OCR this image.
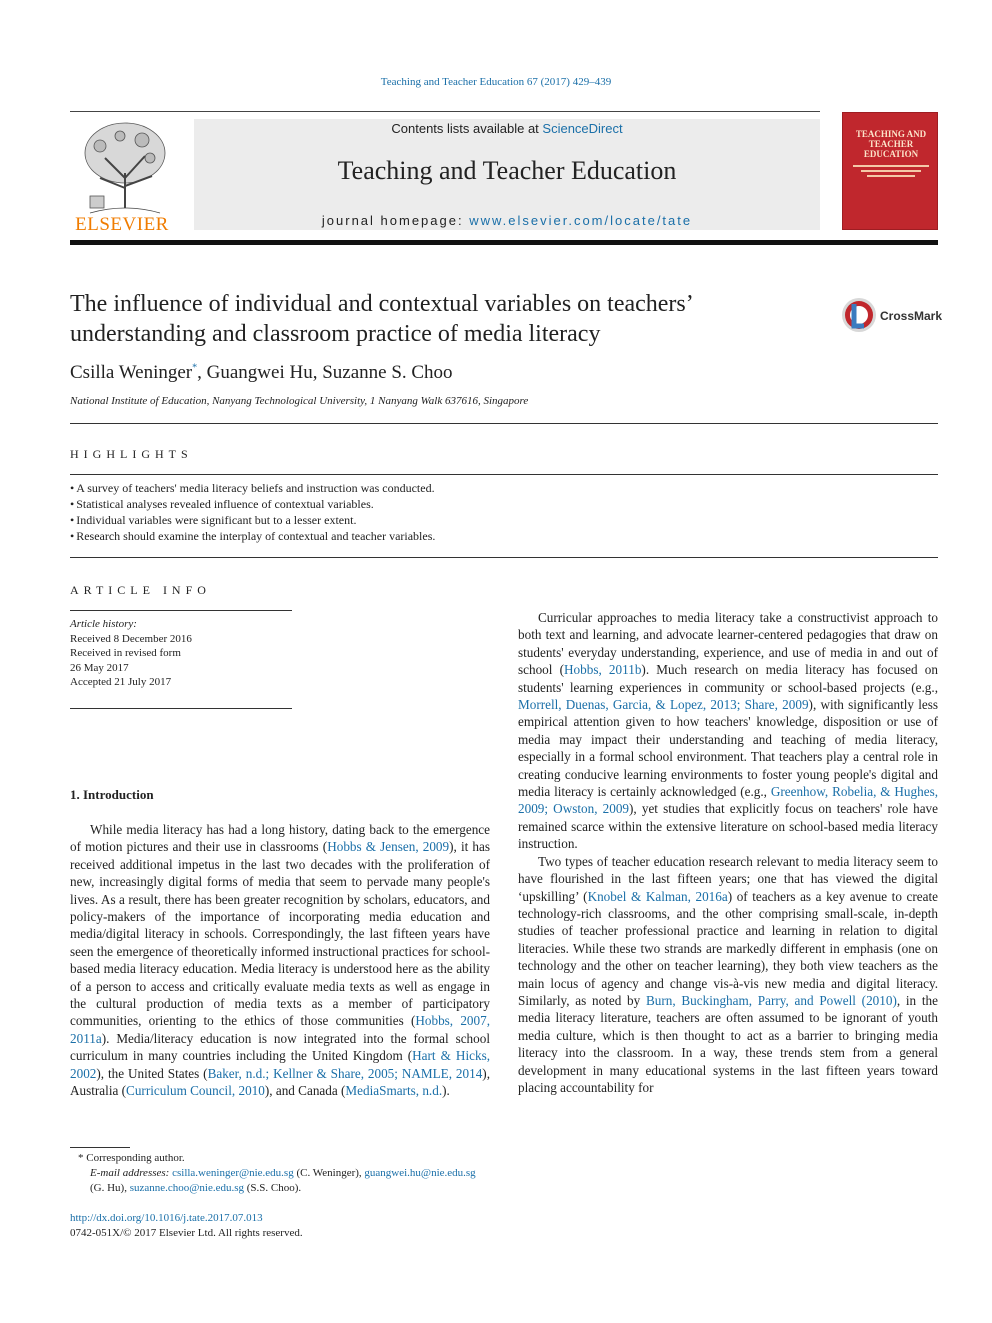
Teaching and Teacher Education 67 (2017) 429–439
ELSEVIER
Contents lists available at ScienceDirect
Teaching and Teacher Education
journal homepage: www.elsevier.com/locate/tate
TEACHING AND TEACHER EDUCATION
The influence of individual and contextual variables on teachers’ understanding and classroom practice of media literacy
CrossMark
Csilla Weninger*, Guangwei Hu, Suzanne S. Choo
National Institute of Education, Nanyang Technological University, 1 Nanyang Walk 637616, Singapore
HIGHLIGHTS
• A survey of teachers' media literacy beliefs and instruction was conducted.
• Statistical analyses revealed influence of contextual variables.
• Individual variables were significant but to a lesser extent.
• Research should examine the interplay of contextual and teacher variables.
ARTICLE INFO
Article history:
Received 8 December 2016
Received in revised form
26 May 2017
Accepted 21 July 2017
1. Introduction

While media literacy has had a long history, dating back to the emergence of motion pictures and their use in classrooms (Hobbs & Jensen, 2009), it has received additional impetus in the last two decades with the proliferation of new, increasingly digital forms of media that seem to pervade many people's lives. As a result, there has been greater recognition by scholars, educators, and policy-makers of the importance of incorporating media education and media/digital literacy in schools. Correspondingly, the last fifteen years have seen the emergence of theoretically informed instructional practices for school-based media literacy education. Media literacy is understood here as the ability of a person to access and critically evaluate media texts as well as engage in the cultural production of media texts as a member of participatory communities, orienting to the ethics of those communities (Hobbs, 2007, 2011a). Media/literacy education is now integrated into the formal school curriculum in many countries including the United Kingdom (Hart & Hicks, 2002), the United States (Baker, n.d.; Kellner & Share, 2005; NAMLE, 2014), Australia (Curriculum Council, 2010), and Canada (MediaSmarts, n.d.).

Curricular approaches to media literacy take a constructivist approach to both text and learning, and advocate learner-centered pedagogies that draw on students' everyday understanding, experience, and use of media in and out of school (Hobbs, 2011b). Much research on media literacy has focused on students' learning experiences in community or school-based projects (e.g., Morrell, Duenas, Garcia, & Lopez, 2013; Share, 2009), with significantly less empirical attention given to how teachers' knowledge, disposition or use of media may impact their understanding and teaching of media literacy, especially in a formal school environment. That teachers play a central role in creating conducive learning environments to foster young people's digital and media literacy is certainly acknowledged (e.g., Greenhow, Robelia, & Hughes, 2009; Owston, 2009), yet studies that explicitly focus on teachers' role have remained scarce within the extensive literature on school-based media literacy instruction.

Two types of teacher education research relevant to media literacy seem to have flourished in the last fifteen years; one that has viewed the digital ‘upskilling’ (Knobel & Kalman, 2016a) of teachers as a key avenue to create technology-rich classrooms, and the other comprising small-scale, in-depth studies of teacher professional practice and learning in relation to digital literacies. While these two strands are markedly different in emphasis (one on technology and the other on teacher learning), they both view teachers as the main locus of agency and change vis-à-vis new media and digital literacy. Similarly, as noted by Burn, Buckingham, Parry, and Powell (2010), in the media literacy literature, teachers are often assumed to be ignorant of youth media culture, which is then thought to act as a barrier to bringing media literacy into the classroom. In a way, these trends stem from a general development in many educational systems in the last fifteen years toward placing accountability for

* Corresponding author.
E-mail addresses: csilla.weninger@nie.edu.sg (C. Weninger), guangwei.hu@nie.edu.sg (G. Hu), suzanne.choo@nie.edu.sg (S.S. Choo).
http://dx.doi.org/10.1016/j.tate.2017.07.013
0742-051X/© 2017 Elsevier Ltd. All rights reserved.
